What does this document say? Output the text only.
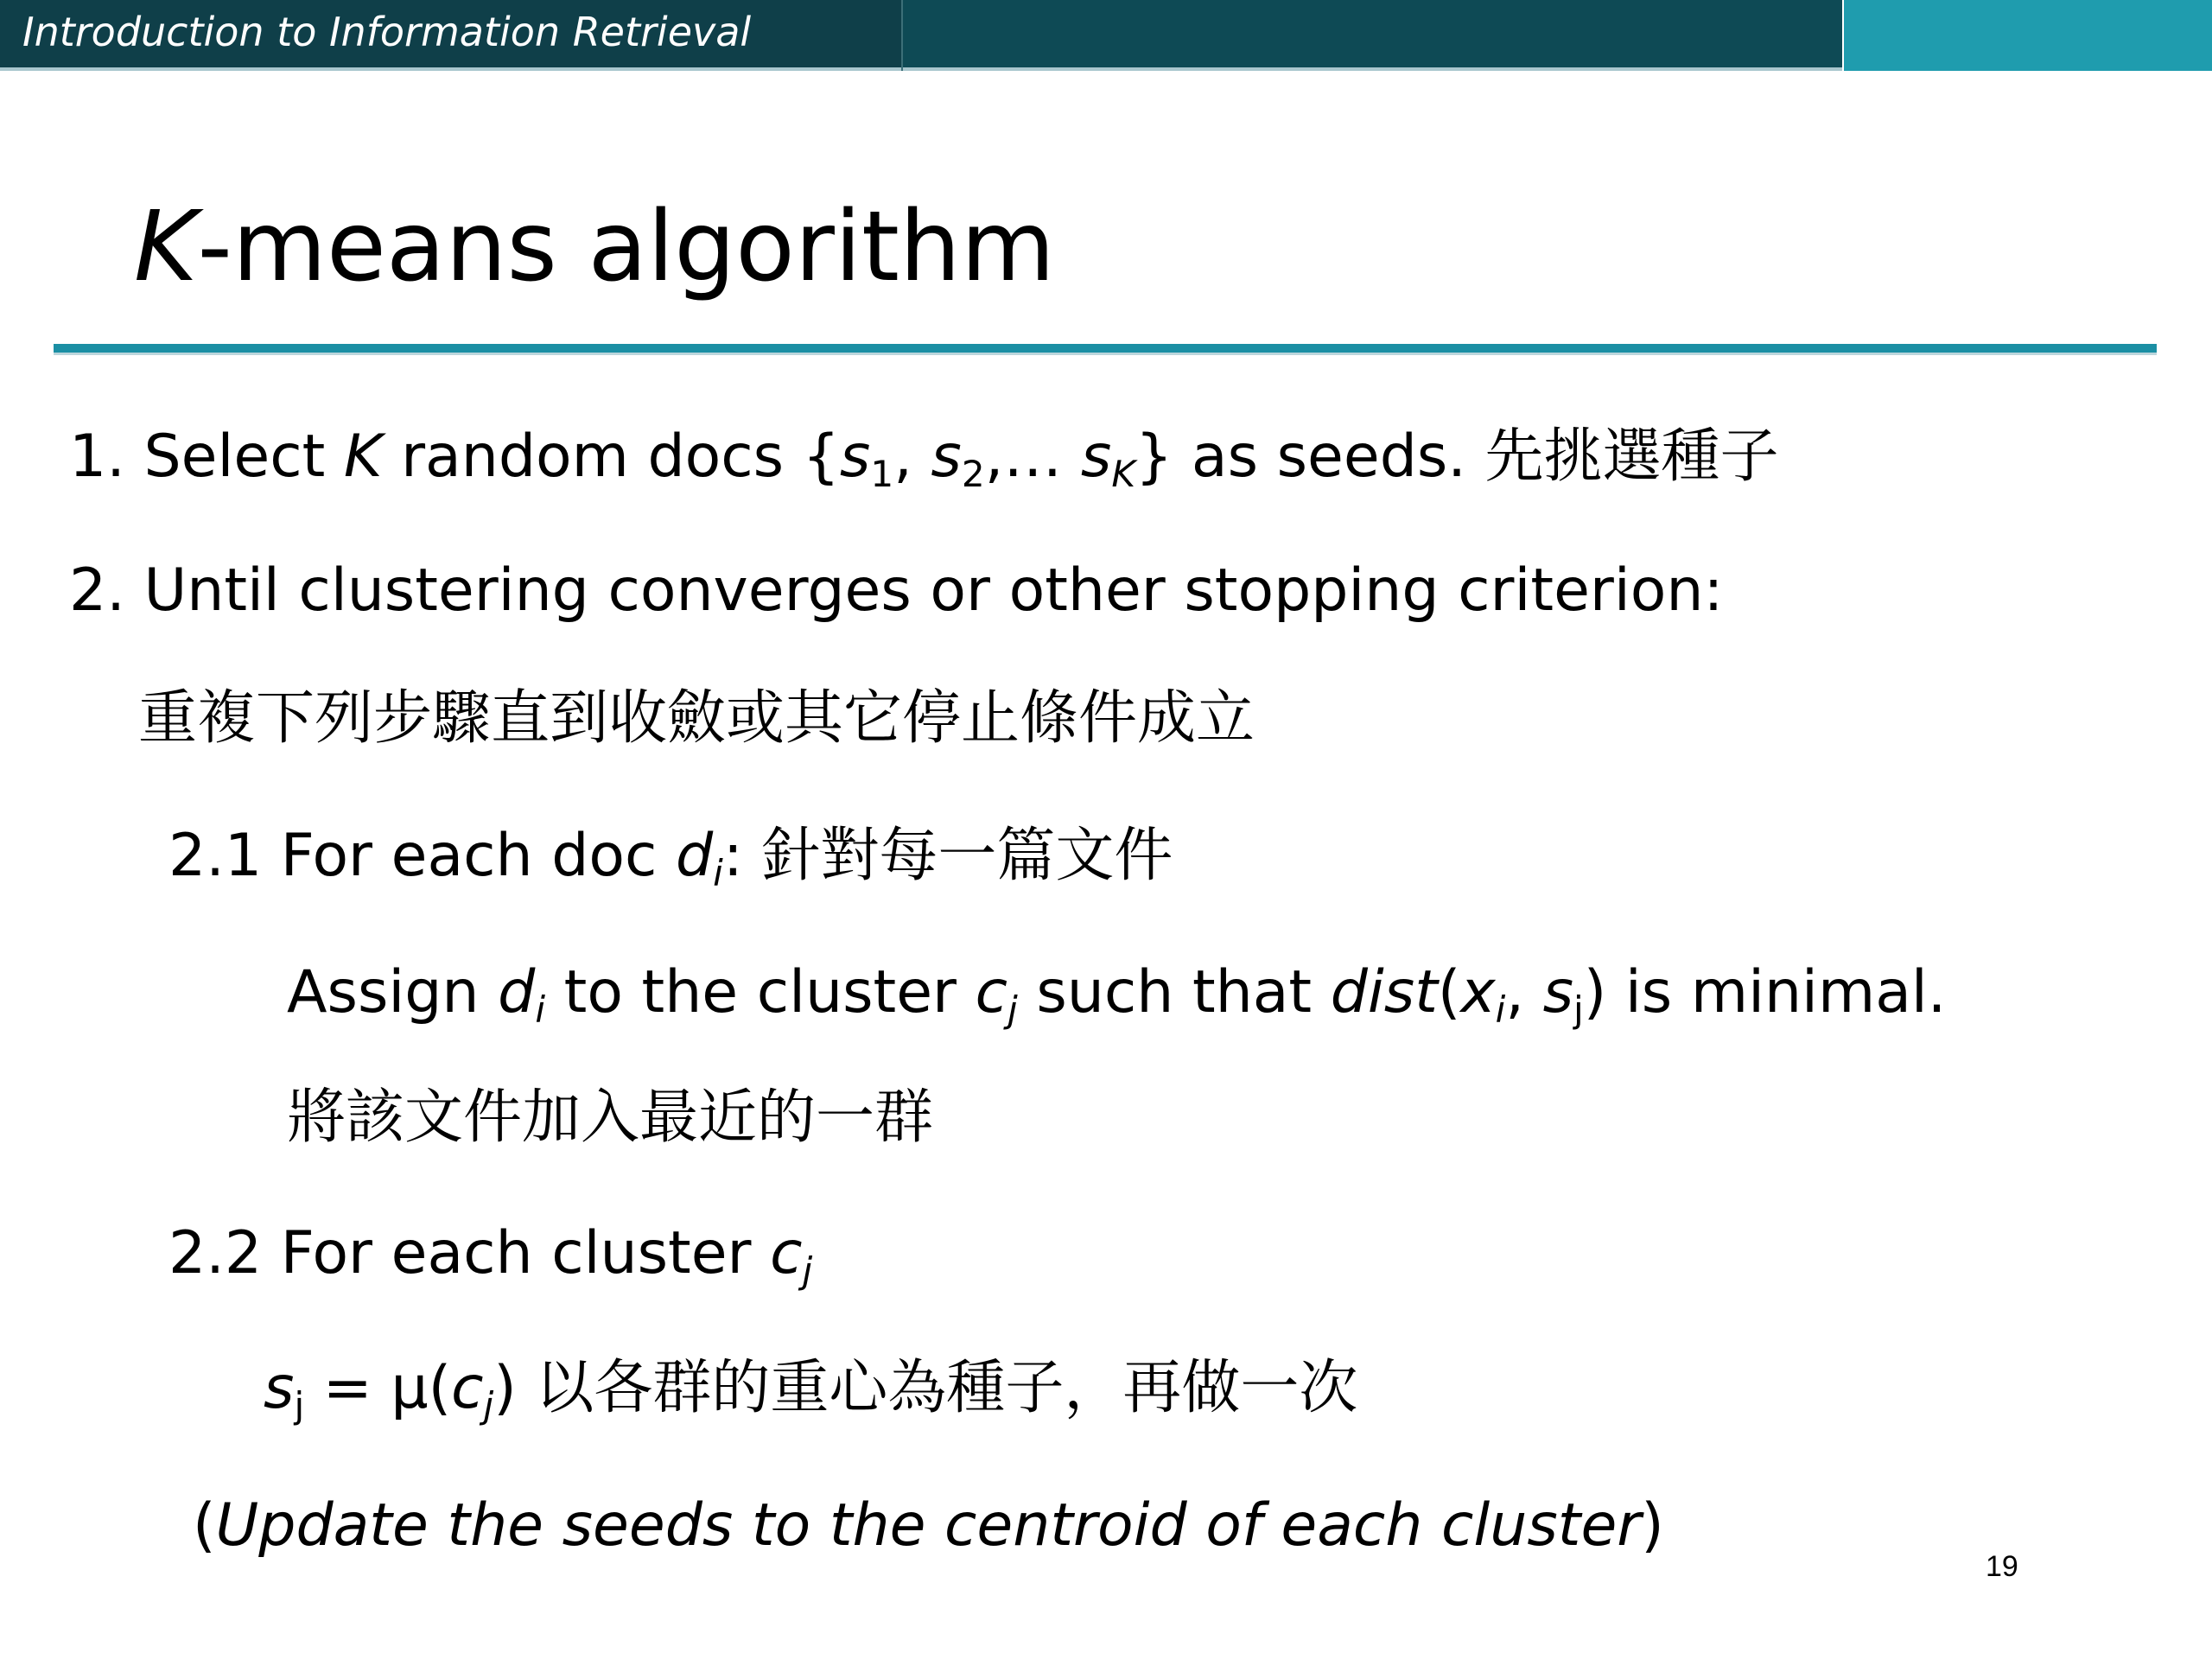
Introduction to Information Retrieval
K-means algorithm
1. Select K random docs {$s_1$, $s_2,\dots$ $s_K$} as seeds. 先挑選種子
2. Until clustering converges or other stopping criterion:
重複下列步驟直到收斂或其它停止條件成立
2.1 For each doc $d_i$: 針對每一篇文件
Assign $d_i$ to the cluster $c_j$ such that $dist(x_i$, $s_j$) is minimal.
將該文件加入最近的一群
2.2 For each cluster $c_j$
$s_j = \mu(c_j)$ 以各群的重心為種子，再做一次
(Update the seeds to the centroid of each cluster)
19
